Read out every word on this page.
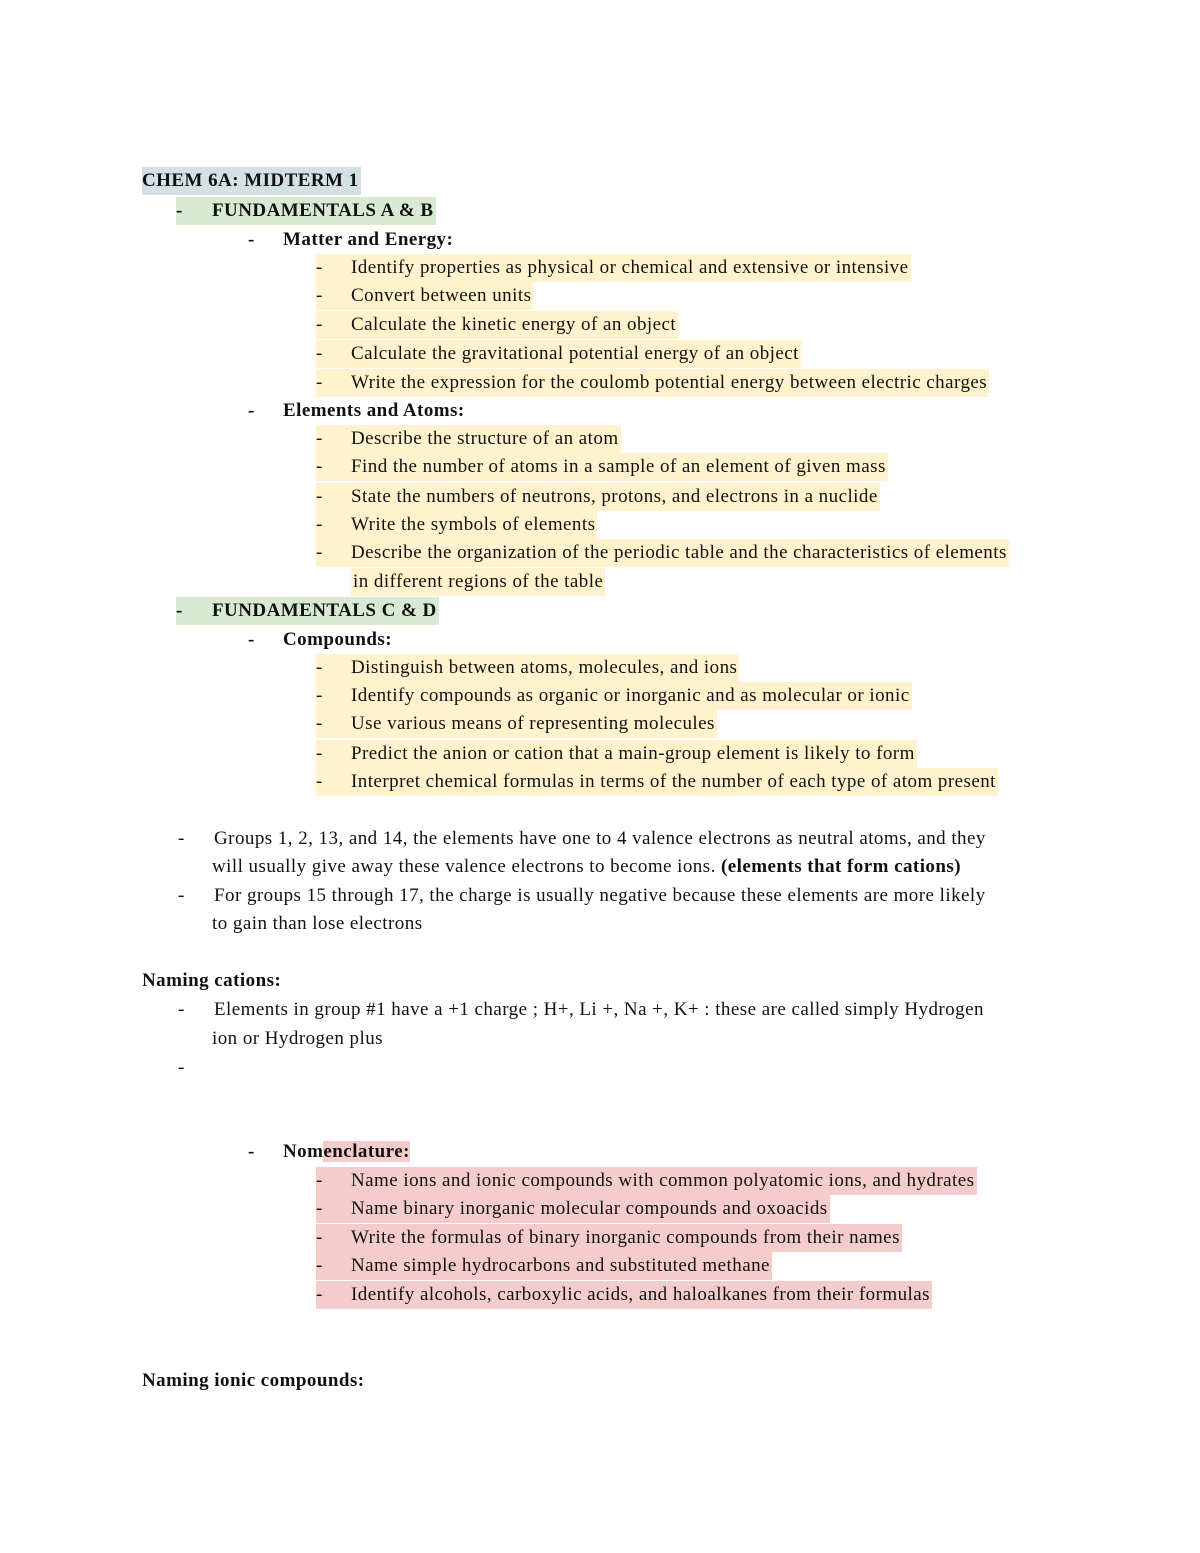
CHEM 6A: MIDTERM 1
- FUNDAMENTALS A & B
- Matter and Energy:
- Identify properties as physical or chemical and extensive or intensive
- Convert between units
- Calculate the kinetic energy of an object
- Calculate the gravitational potential energy of an object
- Write the expression for the coulomb potential energy between electric charges
- Elements and Atoms:
- Describe the structure of an atom
- Find the number of atoms in a sample of an element of given mass
- State the numbers of neutrons, protons, and electrons in a nuclide
- Write the symbols of elements
- Describe the organization of the periodic table and the characteristics of elements
in different regions of the table
- FUNDAMENTALS C & D
- Compounds:
- Distinguish between atoms, molecules, and ions
- Identify compounds as organic or inorganic and as molecular or ionic
- Use various means of representing molecules
- Predict the anion or cation that a main-group element is likely to form
- Interpret chemical formulas in terms of the number of each type of atom present
- Groups 1, 2, 13, and 14, the elements have one to 4 valence electrons as neutral atoms, and they
will usually give away these valence electrons to become ions. (elements that form cations)
- For groups 15 through 17, the charge is usually negative because these elements are more likely
to gain than lose electrons
Naming cations:
- Elements in group #1 have a +1 charge ; H+, Li +, Na +, K+ : these are called simply Hydrogen
ion or Hydrogen plus
-
- Nomenclature:
- Name ions and ionic compounds with common polyatomic ions, and hydrates
- Name binary inorganic molecular compounds and oxoacids
- Write the formulas of binary inorganic compounds from their names
- Name simple hydrocarbons and substituted methane
- Identify alcohols, carboxylic acids, and haloalkanes from their formulas
Naming ionic compounds:
